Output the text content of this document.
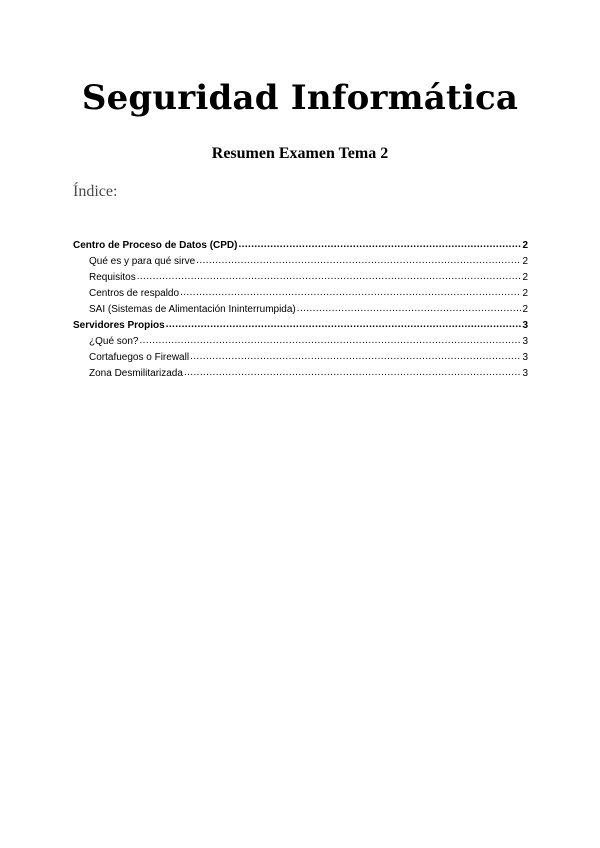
Seguridad Informática
Resumen Examen Tema 2
Índice:
Centro de Proceso de Datos (CPD) .....	2
Qué es y para qué sirve .....	2
Requisitos .....	2
Centros de respaldo .....	2
SAI (Sistemas de Alimentación Ininterrumpida) .....	2
Servidores Propios .....	3
¿Qué son? .....	3
Cortafuegos o Firewall .....	3
Zona Desmilitarizada .....	3
